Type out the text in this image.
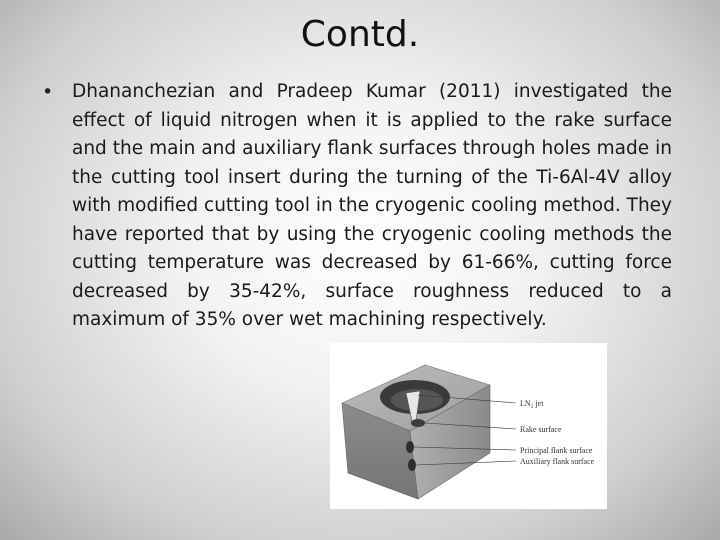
Contd.
• Dhananchezian and Pradeep Kumar (2011) investigated the effect of liquid nitrogen when it is applied to the rake surface and the main and auxiliary flank surfaces through holes made in the cutting tool insert during the turning of the Ti-6Al-4V alloy with modified cutting tool in the cryogenic cooling method. They have reported that by using the cryogenic cooling methods the cutting temperature was decreased by 61-66%, cutting force decreased by 35-42%, surface roughness reduced to a maximum of 35% over wet machining respectively.
LN₂ jet
Rake surface
Principal flank surface
Auxiliary flank surface
